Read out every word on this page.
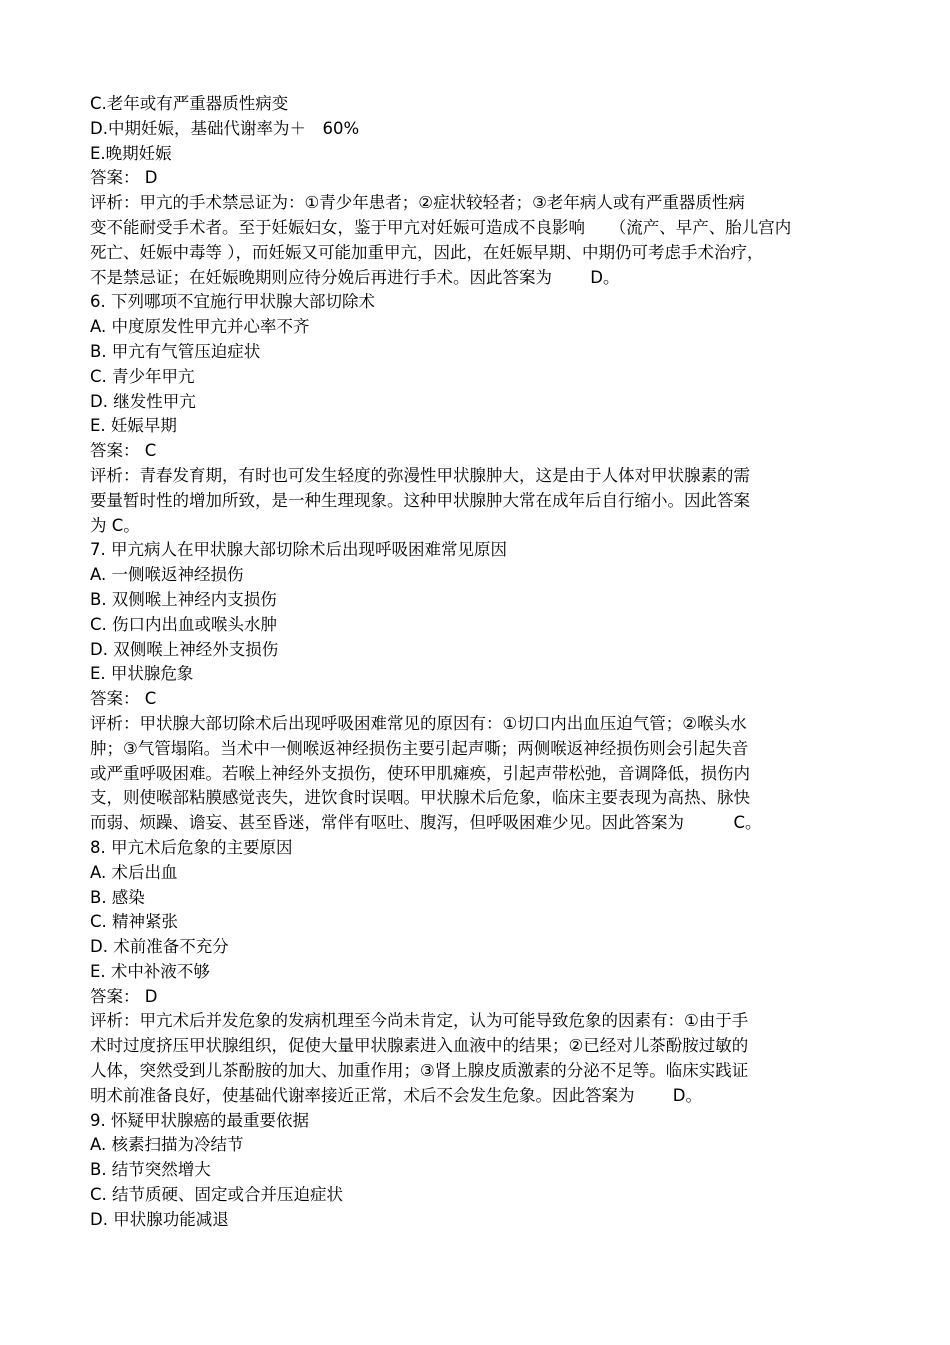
C.老年或有严重器质性病变
D.中期妊娠，基础代谢率为＋　60%
E.晚期妊娠
答案： D
评析：甲亢的手术禁忌证为：①青少年患者；②症状较轻者；③老年病人或有严重器质性病
变不能耐受手术者。至于妊娠妇女，鉴于甲亢对妊娠可造成不良影响　　（流产、早产、胎儿宫内
死亡、妊娠中毒等 ），而妊娠又可能加重甲亢，因此，在妊娠早期、中期仍可考虑手术治疗，
不是禁忌证；在妊娠晚期则应待分娩后再进行手术。因此答案为　　 D。
6. 下列哪项不宜施行甲状腺大部切除术
A. 中度原发性甲亢并心率不齐
B. 甲亢有气管压迫症状
C. 青少年甲亢
D. 继发性甲亢
E. 妊娠早期
答案： C
评析：青春发育期，有时也可发生轻度的弥漫性甲状腺肿大，这是由于人体对甲状腺素的需
要量暂时性的增加所致，是一种生理现象。这种甲状腺肿大常在成年后自行缩小。因此答案
为 C。
7. 甲亢病人在甲状腺大部切除术后出现呼吸困难常见原因
A. 一侧喉返神经损伤
B. 双侧喉上神经内支损伤
C. 伤口内出血或喉头水肿
D. 双侧喉上神经外支损伤
E. 甲状腺危象
答案： C
评析：甲状腺大部切除术后出现呼吸困难常见的原因有：①切口内出血压迫气管；②喉头水
肿；③气管塌陷。当术中一侧喉返神经损伤主要引起声嘶；两侧喉返神经损伤则会引起失音
或严重呼吸困难。若喉上神经外支损伤，使环甲肌瘫痪，引起声带松弛，音调降低，损伤内
支，则使喉部粘膜感觉丧失，进饮食时误咽。甲状腺术后危象，临床主要表现为高热、脉快
而弱、烦躁、谵妄、甚至昏迷，常伴有呕吐、腹泻，但呼吸困难少见。因此答案为　　　C。
8. 甲亢术后危象的主要原因
A. 术后出血
B. 感染
C. 精神紧张
D. 术前准备不充分
E. 术中补液不够
答案： D
评析：甲亢术后并发危象的发病机理至今尚未肯定，认为可能导致危象的因素有：①由于手
术时过度挤压甲状腺组织，促使大量甲状腺素进入血液中的结果；②已经对儿茶酚胺过敏的
人体，突然受到儿茶酚胺的加大、加重作用；③肾上腺皮质激素的分泌不足等。临床实践证
明术前准备良好，使基础代谢率接近正常，术后不会发生危象。因此答案为　　 D。
9. 怀疑甲状腺癌的最重要依据
A. 核素扫描为冷结节
B. 结节突然增大
C. 结节质硬、固定或合并压迫症状
D. 甲状腺功能减退
